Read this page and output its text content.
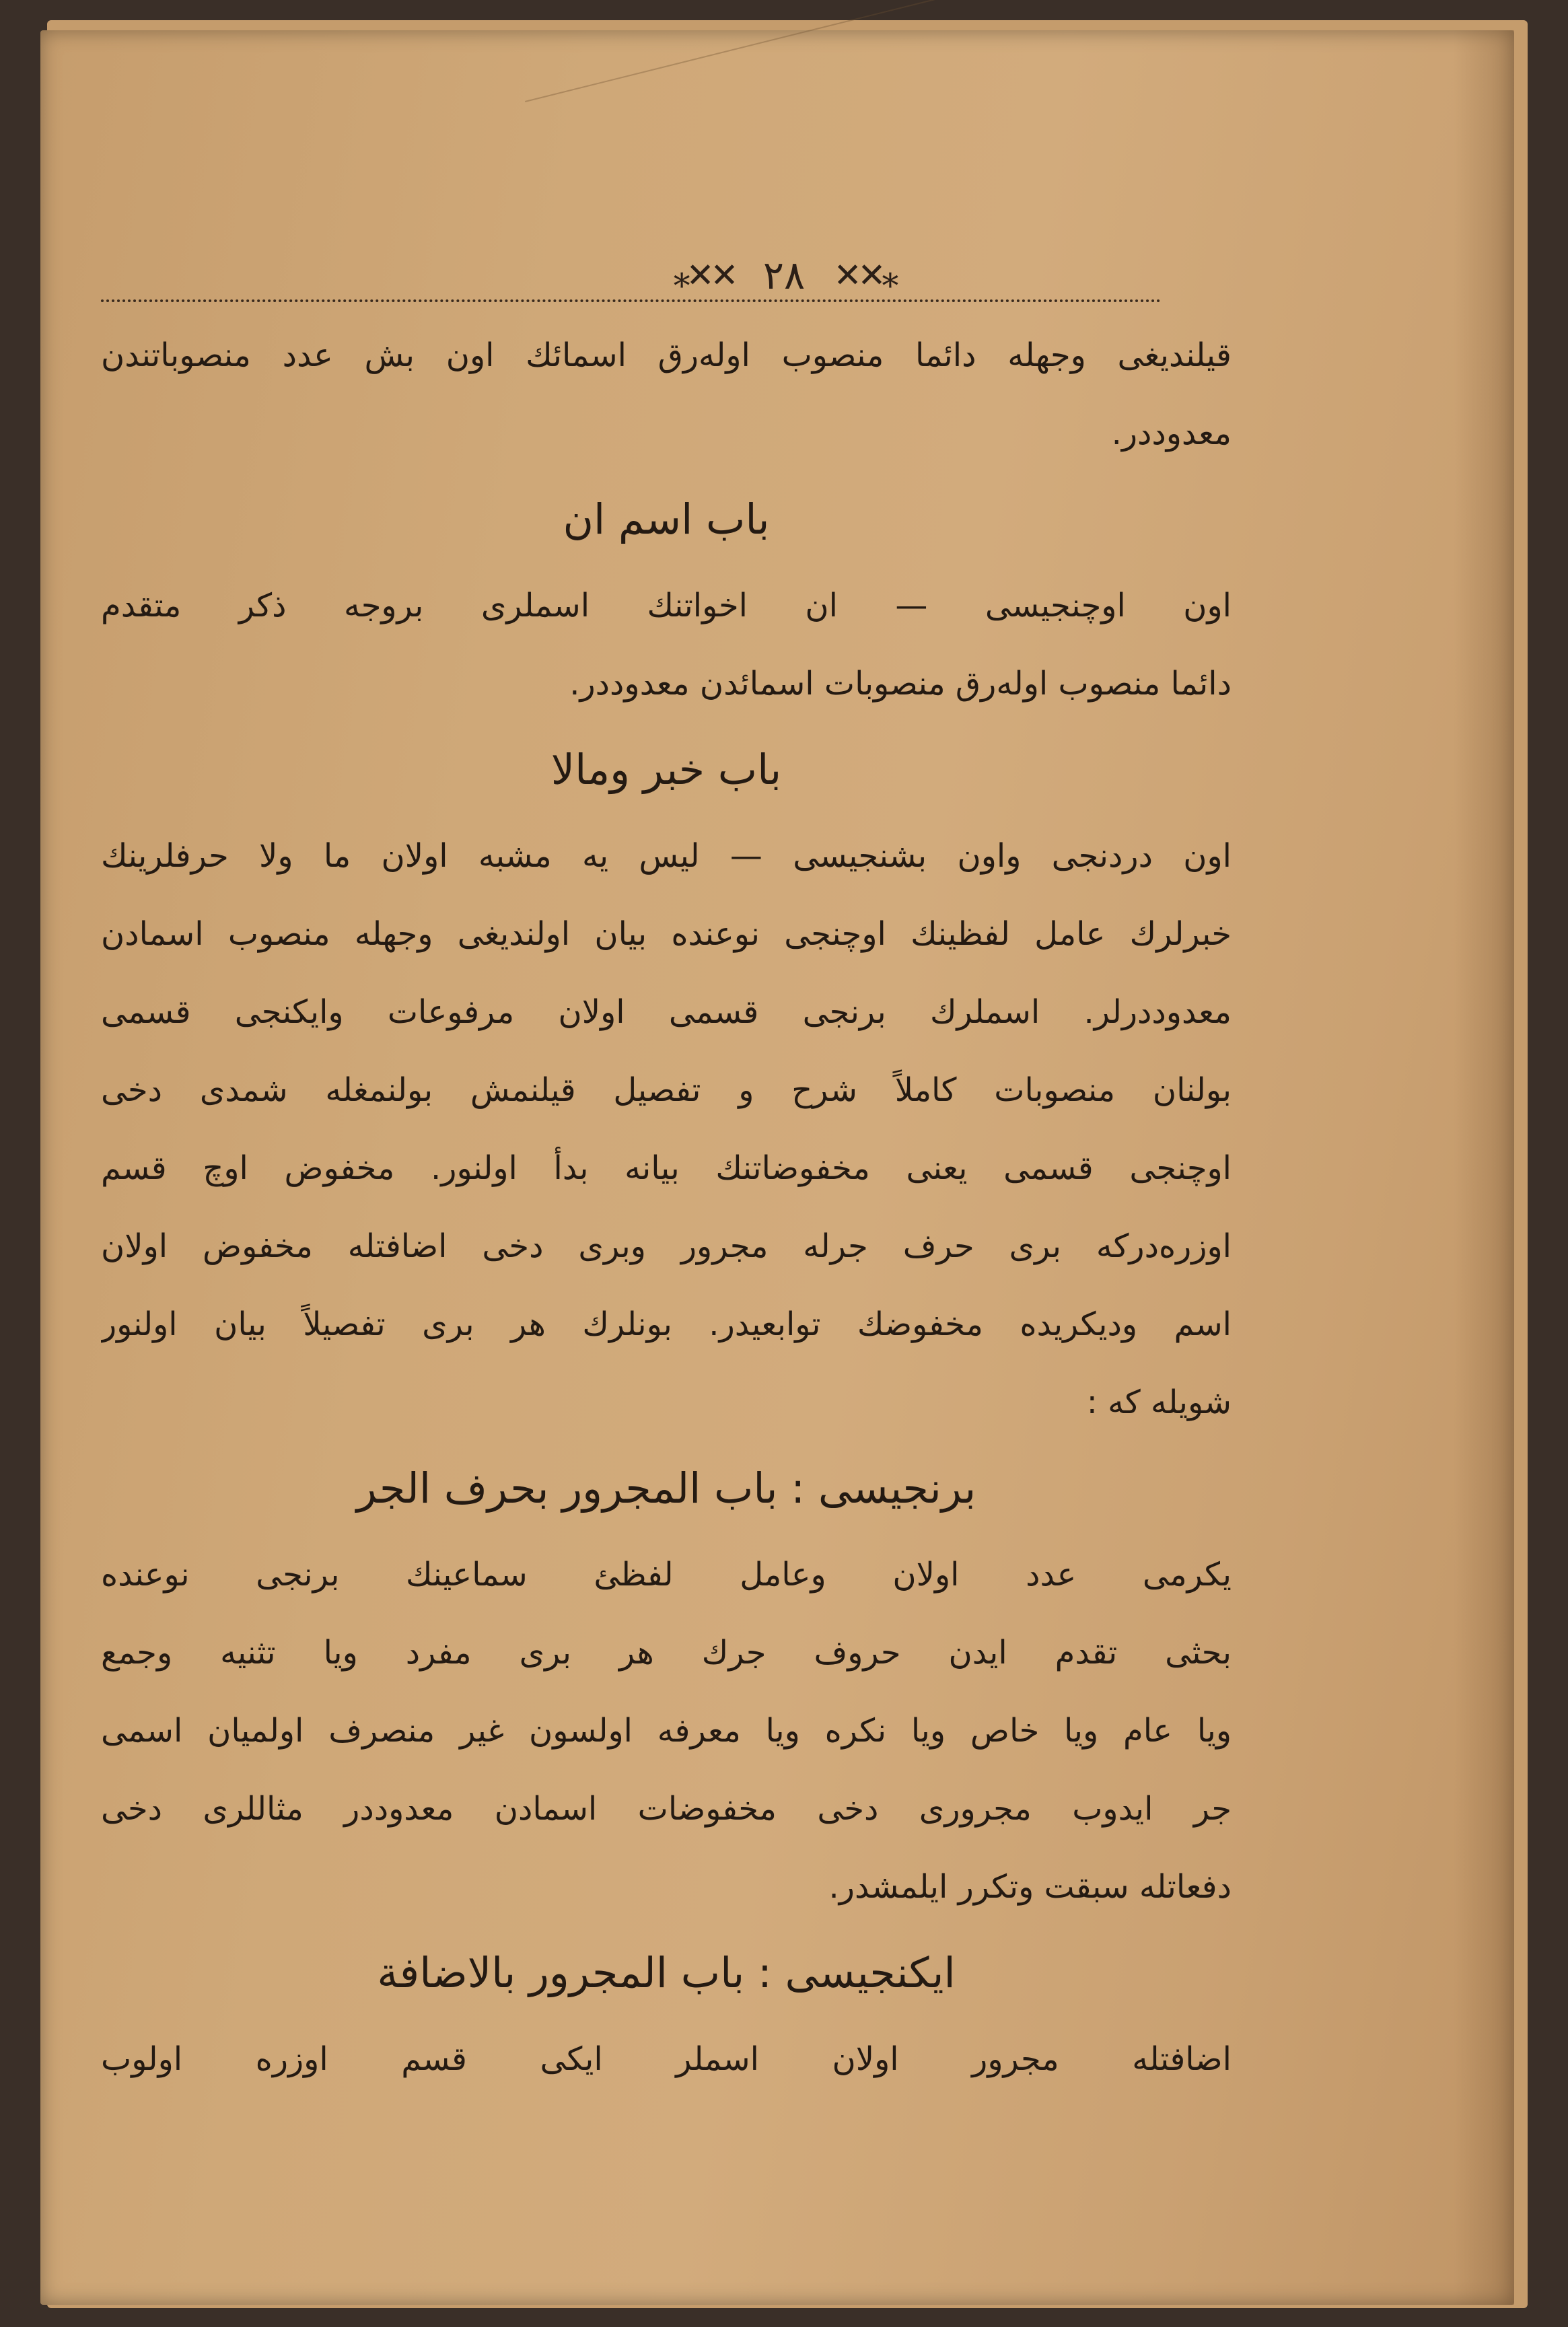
⁎✕✕ ٢٨ ✕✕⁎
قیلندیغی وجهله دائما منصوب اوله‌رق اسمائك اون بش عدد منصوباتندن
معدوددر.
باب اسم ان
اون اوچنجیسی — ان اخواتنك اسملری بروجه ذکر متقدم
دائما منصوب اوله‌رق منصوبات اسمائدن معدوددر.
باب خبر ومالا
اون دردنجی واون بشنجیسی — لیس یه مشبه اولان ما ولا حرفلرینك
خبرلرك عامل لفظینك اوچنجی نوعنده بیان اولندیغی وجهله منصوب اسمادن
معدوددرلر. اسملرك برنجی قسمی اولان مرفوعات وایكنجی قسمی
بولنان منصوبات كاملاً شرح و تفصیل قیلنمش بولنمغله شمدی دخی
اوچنجی قسمی یعنی مخفوضاتنك بیانه بدأ اولنور. مخفوض اوچ قسم
اوزره‌دركه بری حرف جرله مجرور وبری دخی اضافتله مخفوض اولان
اسم ودیكریده مخفوضك توابعیدر. بونلرك هر بری تفصیلاً بیان اولنور
شویله كه :
برنجیسی : باب المجرور بحرف الجر
یكرمی عدد اولان وعامل لفظئ سماعینك برنجی نوعنده
بحثی تقدم ایدن حروف جرك هر بری مفرد ویا تثنیه وجمع
ویا عام ویا خاص ویا نكره ویا معرفه اولسون غیر منصرف اولمیان اسمی
جر ایدوب مجروری دخی مخفوضات اسمادن معدوددر مثاللری دخی
دفعاتله سبقت وتكرر ایلمشدر.
ایكنجیسی : باب المجرور بالاضافة
اضافتله مجرور اولان اسملر ایكی قسم اوزره اولوب
